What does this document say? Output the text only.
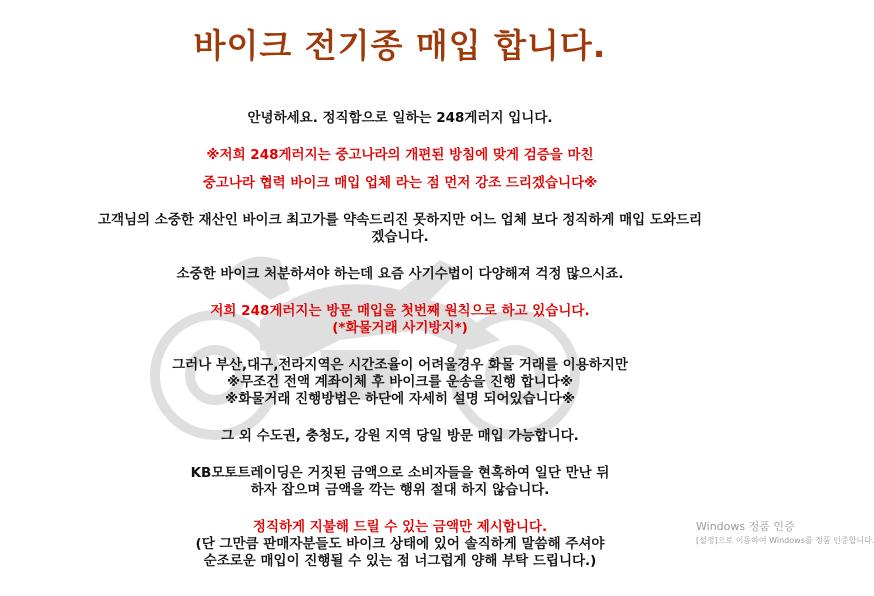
바이크 전기종 매입 합니다.

안녕하세요. 정직함으로 일하는 248게러지 입니다.

※저희 248게러지는 중고나라의 개편된 방침에 맞게 검증을 마친

중고나라 협력 바이크 매입 업체 라는 점 먼저 강조 드리겠습니다※

고객님의 소중한 재산인 바이크 최고가를 약속드리진 못하지만 어느 업체 보다 정직하게 매입 도와드리

겠습니다.

소중한 바이크 처분하셔야 하는데 요즘 사기수법이 다양해져 걱정 많으시죠.

저희 248게러지는 방문 매입을 첫번째 원칙으로 하고 있습니다.

(*화물거래 사기방지*)

그러나 부산,대구,전라지역은 시간조율이 어려울경우 화물 거래를 이용하지만

※무조건 전액 계좌이체 후 바이크를 운송을 진행 합니다※

※화물거래 진행방법은 하단에 자세히 설명 되어있습니다※

그 외 수도권, 충청도, 강원 지역 당일 방문 매입 가능합니다.

KB모토트레이딩은 거짓된 금액으로 소비자들을 현혹하여 일단 만난 뒤

하자 잡으며 금액을 깍는 행위 절대 하지 않습니다.

정직하게 지불해 드릴 수 있는 금액만 제시합니다.

(단 그만큼 판매자분들도 바이크 상태에 있어 솔직하게 말씀해 주셔야

순조로운 매입이 진행될 수 있는 점 너그럽게 양해 부탁 드립니다.)

Windows 정품 인증
[설정]으로 이동하여 Windows를 정품 인증합니다.
